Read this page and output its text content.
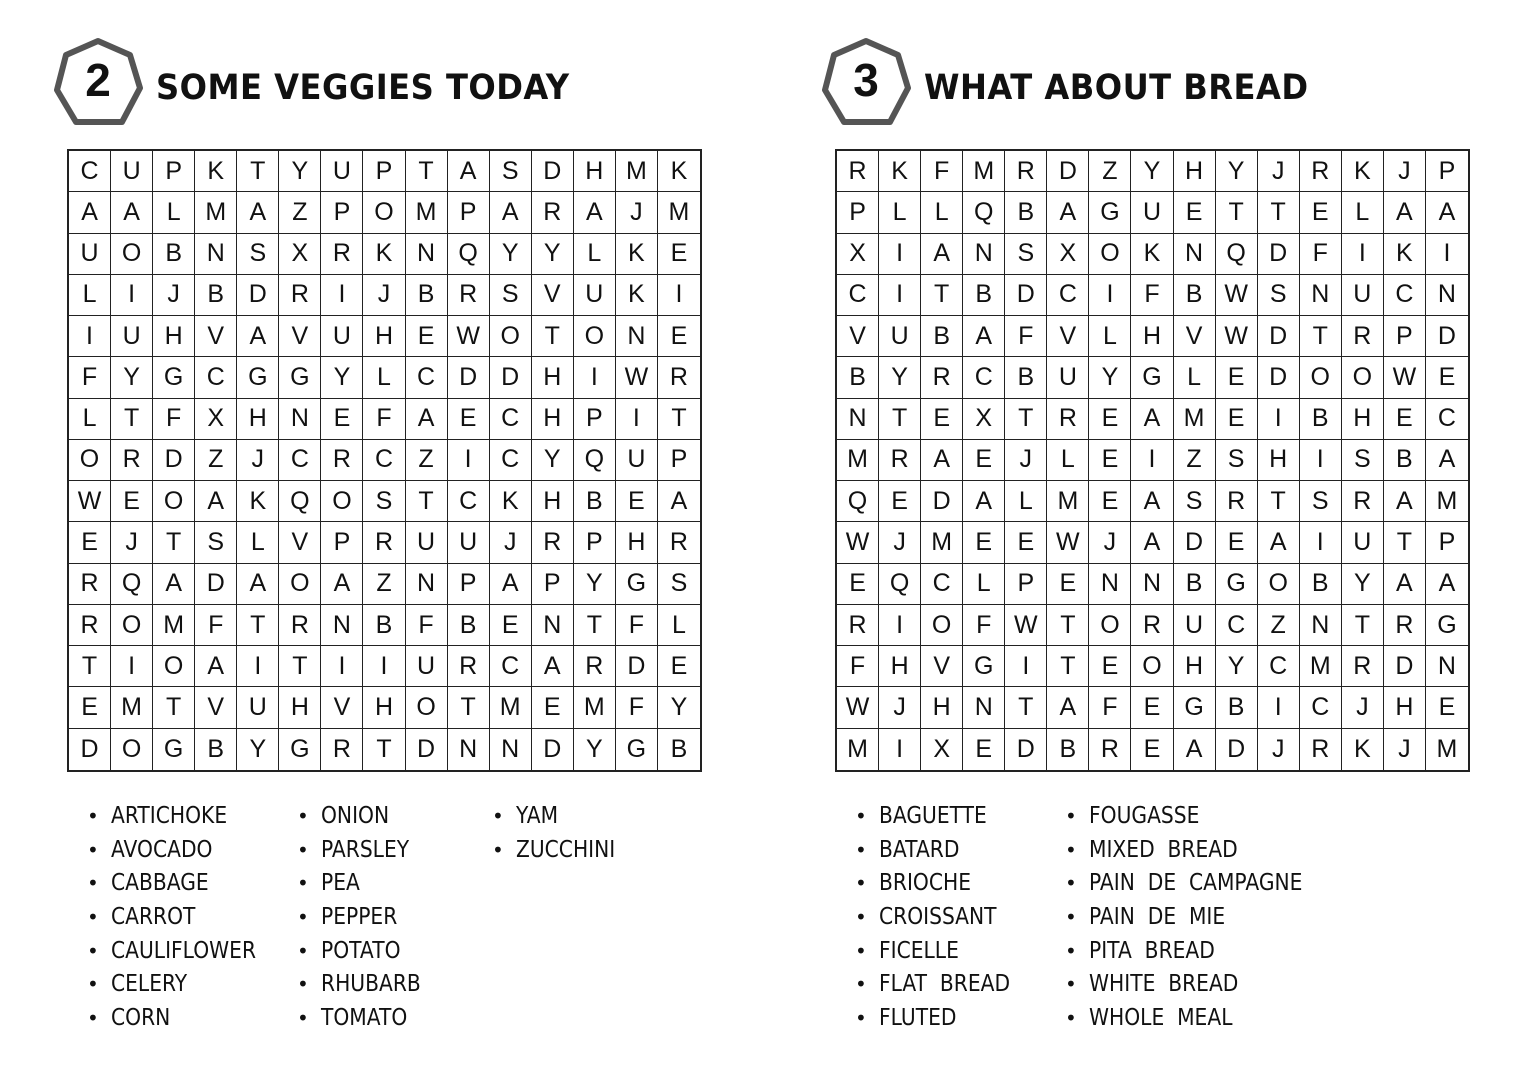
2	SOME VEGGIES TODAY
C U P	K	T	Y U P	T	A	S D H M K
A	A	L M A	Z	P O M P	A R A	J	M
U O B N S	X R K N Q Y	Y	L	K	E
L	I	J	B D R	I	J	B R S	V U K	I
I	U H V	A	V U H E W O T O N	E
F	Y G C G G Y	L	C D D H	I	W R
L	T	F	X H N E	F	A	E C H P	I	T
O R D	Z	J	C R C	Z	I	C Y Q U	P
W E O A	K Q O S	T	C K H B	E	A
E	J	T	S	L	V	P R U U	J	R P H R
R Q A D A O A	Z	N P	A	P	Y G S
R O M F	T	R N B	F	B	E N	T	F	L
T	I	O A	I	T	I	I	U R C A R D	E
E M T	V U H V H O T M E M F	Y
D O G B	Y G R	T	D N N D Y G B
• ARTICHOKE
• AVOCADO
• CABBAGE
• CARROT
• CAULIFLOWER
• CELERY
• CORN
• ONION
• PARSLEY
• PEA
• PEPPER
• POTATO
• RHUBARB
• TOMATO
• YAM
• ZUCCHINI
3	WHAT ABOUT BREAD
R K	F M R D	Z	Y H Y	J	R K	J	P
P	L	L	Q B	A G U E	T	T	E	L	A	A
X	I	A N S	X O K N Q D	F	I	K	I
C	I	T	B D C	I	F	B W S N U C N
V U B	A	F	V	L	H V W D	T	R P	D
B	Y R C B U Y G	L	E D O O W E
N	T	E	X	T	R E	A M E	I	B H E	C
M R A	E	J	L	E	I	Z	S H	I	S	B	A
Q E D A	L M E	A	S R	T	S R A M
W J	M E	E W J	A D E	A	I	U	T	P
E Q C	L	P	E N N B G O B	Y	A	A
R	I	O F W T O R U C	Z	N	T	R G
F	H V G	I	T	E O H Y C M R D N
W J	H N	T	A	F	E G B	I	C	J	H	E
M	I	X	E D B R E	A D	J	R K	J	M
• BAGUETTE
• BATARD
• BRIOCHE
• CROISSANT
• FICELLE
• FLAT  BREAD
• FLUTED
• FOUGASSE
• MIXED  BREAD
• PAIN  DE  CAMPAGNE
• PAIN  DE  MIE
• PITA  BREAD
• WHITE  BREAD
• WHOLE  MEAL
